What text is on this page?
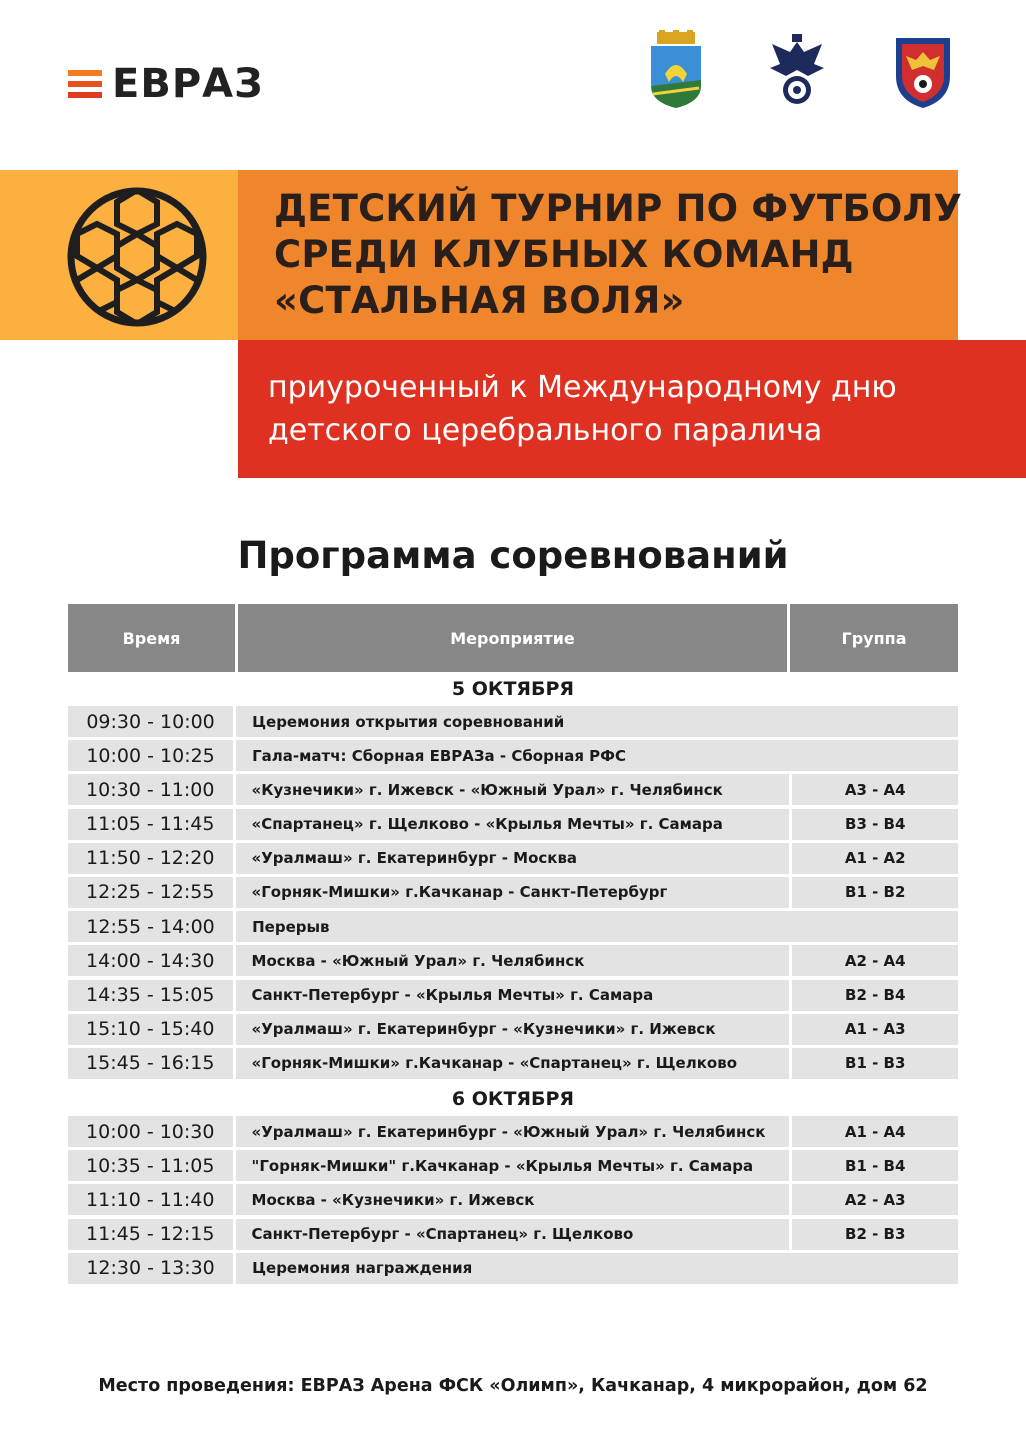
ЕВРАЗ
ДЕТСКИЙ ТУРНИР ПО ФУТБОЛУ
СРЕДИ КЛУБНЫХ КОМАНД
«СТАЛЬНАЯ ВОЛЯ»
приуроченный к Международному дню
детского церебрального паралича
Программа соревнований
Время	Мероприятие	Группа
5 ОКТЯБРЯ
09:30 - 10:00	Церемония открытия соревнований
10:00 - 10:25	Гала-матч: Сборная ЕВРАЗа - Сборная РФС
10:30 - 11:00	«Кузнечики» г. Ижевск - «Южный Урал» г. Челябинск	А3 - А4
11:05 - 11:45	«Спартанец» г. Щелково - «Крылья Мечты» г. Самара	В3 - В4
11:50 - 12:20	«Уралмаш» г. Екатеринбург - Москва	А1 - А2
12:25 - 12:55	«Горняк-Мишки» г.Качканар - Санкт-Петербург	В1 - В2
12:55 - 14:00	Перерыв
14:00 - 14:30	Москва - «Южный Урал» г. Челябинск	А2 - А4
14:35 - 15:05	Санкт-Петербург - «Крылья Мечты» г. Самара	В2 - В4
15:10 - 15:40	«Уралмаш» г. Екатеринбург - «Кузнечики» г. Ижевск	А1 - А3
15:45 - 16:15	«Горняк-Мишки» г.Качканар - «Спартанец» г. Щелково	В1 - В3
6 ОКТЯБРЯ
10:00 - 10:30	«Уралмаш» г. Екатеринбург - «Южный Урал» г. Челябинск	А1 - А4
10:35 - 11:05	"Горняк-Мишки" г.Качканар - «Крылья Мечты» г. Самара	В1 - В4
11:10 - 11:40	Москва - «Кузнечики» г. Ижевск	А2 - А3
11:45 - 12:15	Санкт-Петербург - «Спартанец» г. Щелково	В2 - В3
12:30 - 13:30	Церемония награждения
Место проведения: ЕВРАЗ Арена ФСК «Олимп», Качканар, 4 микрорайон, дом 62
